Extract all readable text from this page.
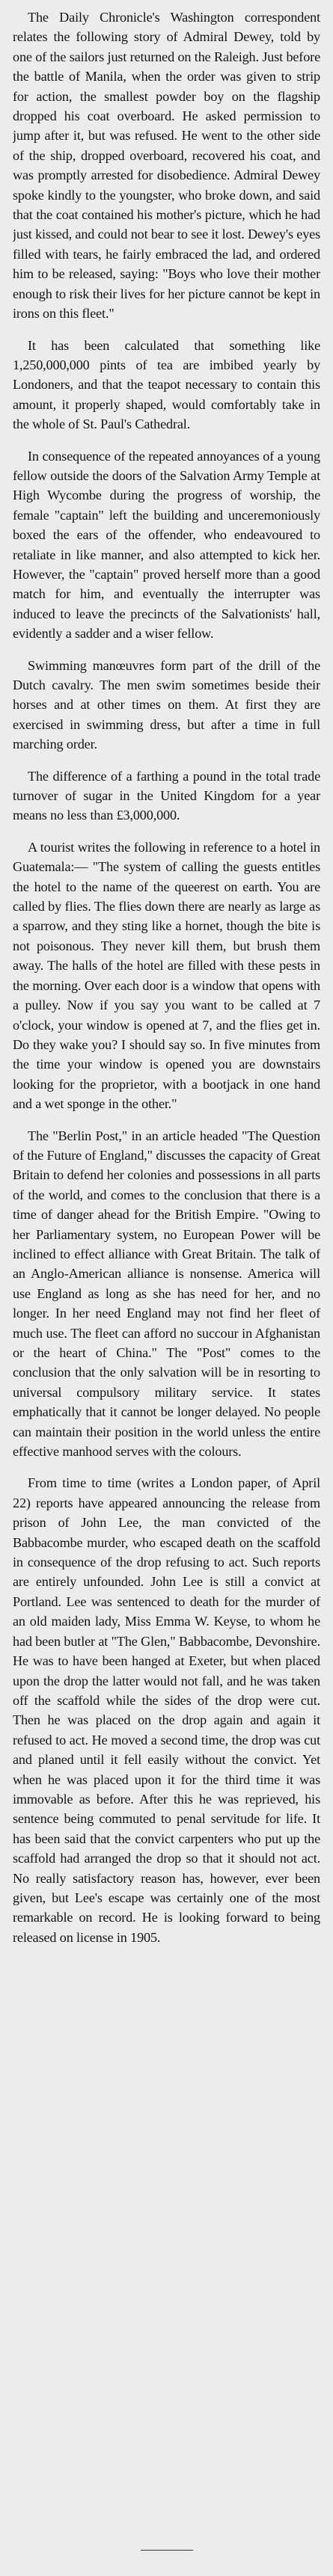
The Daily Chronicle's Washington correspondent relates the following story of Admiral Dewey, told by one of the sailors just returned on the Raleigh. Just before the battle of Manila, when the order was given to strip for action, the smallest powder boy on the flagship dropped his coat overboard. He asked permission to jump after it, but was refused. He went to the other side of the ship, dropped overboard, recovered his coat, and was promptly arrested for disobedience. Admiral Dewey spoke kindly to the youngster, who broke down, and said that the coat contained his mother's picture, which he had just kissed, and could not bear to see it lost. Dewey's eyes filled with tears, he fairly embraced the lad, and ordered him to be released, saying: "Boys who love their mother enough to risk their lives for her picture cannot be kept in irons on this fleet."

It has been calculated that something like 1,250,000,000 pints of tea are imbibed yearly by Londoners, and that the teapot necessary to contain this amount, it properly shaped, would comfortably take in the whole of St. Paul's Cathedral.

In consequence of the repeated annoyances of a young fellow outside the doors of the Salvation Army Temple at High Wycombe during the progress of worship, the female "captain" left the building and unceremoniously boxed the ears of the offender, who endeavoured to retaliate in like manner, and also attempted to kick her. However, the "captain" proved herself more than a good match for him, and eventually the interrupter was induced to leave the precincts of the Salvationists' hall, evidently a sadder and a wiser fellow.

Swimming manœuvres form part of the drill of the Dutch cavalry. The men swim sometimes beside their horses and at other times on them. At first they are exercised in swimming dress, but after a time in full marching order.

The difference of a farthing a pound in the total trade turnover of sugar in the United Kingdom for a year means no less than £3,000,000.

A tourist writes the following in reference to a hotel in Guatemala:— "The system of calling the guests entitles the hotel to the name of the queerest on earth. You are called by flies. The flies down there are nearly as large as a sparrow, and they sting like a hornet, though the bite is not poisonous. They never kill them, but brush them away. The halls of the hotel are filled with these pests in the morning. Over each door is a window that opens with a pulley. Now if you say you want to be called at 7 o'clock, your window is opened at 7, and the flies get in. Do they wake you? I should say so. In five minutes from the time your window is opened you are downstairs looking for the proprietor, with a bootjack in one hand and a wet sponge in the other."

The "Berlin Post," in an article headed "The Question of the Future of England," discusses the capacity of Great Britain to defend her colonies and possessions in all parts of the world, and comes to the conclusion that there is a time of danger ahead for the British Empire. "Owing to her Parliamentary system, no European Power will be inclined to effect alliance with Great Britain. The talk of an Anglo-American alliance is nonsense. America will use England as long as she has need for her, and no longer. In her need England may not find her fleet of much use. The fleet can afford no succour in Afghanistan or the heart of China." The "Post" comes to the conclusion that the only salvation will be in resorting to universal compulsory military service. It states emphatically that it cannot be longer delayed. No people can maintain their position in the world unless the entire effective manhood serves with the colours.

From time to time (writes a London paper, of April 22) reports have appeared announcing the release from prison of John Lee, the man convicted of the Babbacombe murder, who escaped death on the scaffold in consequence of the drop refusing to act. Such reports are entirely unfounded. John Lee is still a convict at Portland. Lee was sentenced to death for the murder of an old maiden lady, Miss Emma W. Keyse, to whom he had been butler at "The Glen," Babbacombe, Devonshire. He was to have been hanged at Exeter, but when placed upon the drop the latter would not fall, and he was taken off the scaffold while the sides of the drop were cut. Then he was placed on the drop again and again it refused to act. He moved a second time, the drop was cut and planed until it fell easily without the convict. Yet when he was placed upon it for the third time it was immovable as before. After this he was reprieved, his sentence being commuted to penal servitude for life. It has been said that the convict carpenters who put up the scaffold had arranged the drop so that it should not act. No really satisfactory reason has, however, ever been given, but Lee's escape was certainly one of the most remarkable on record. He is looking forward to being released on license in 1905.
